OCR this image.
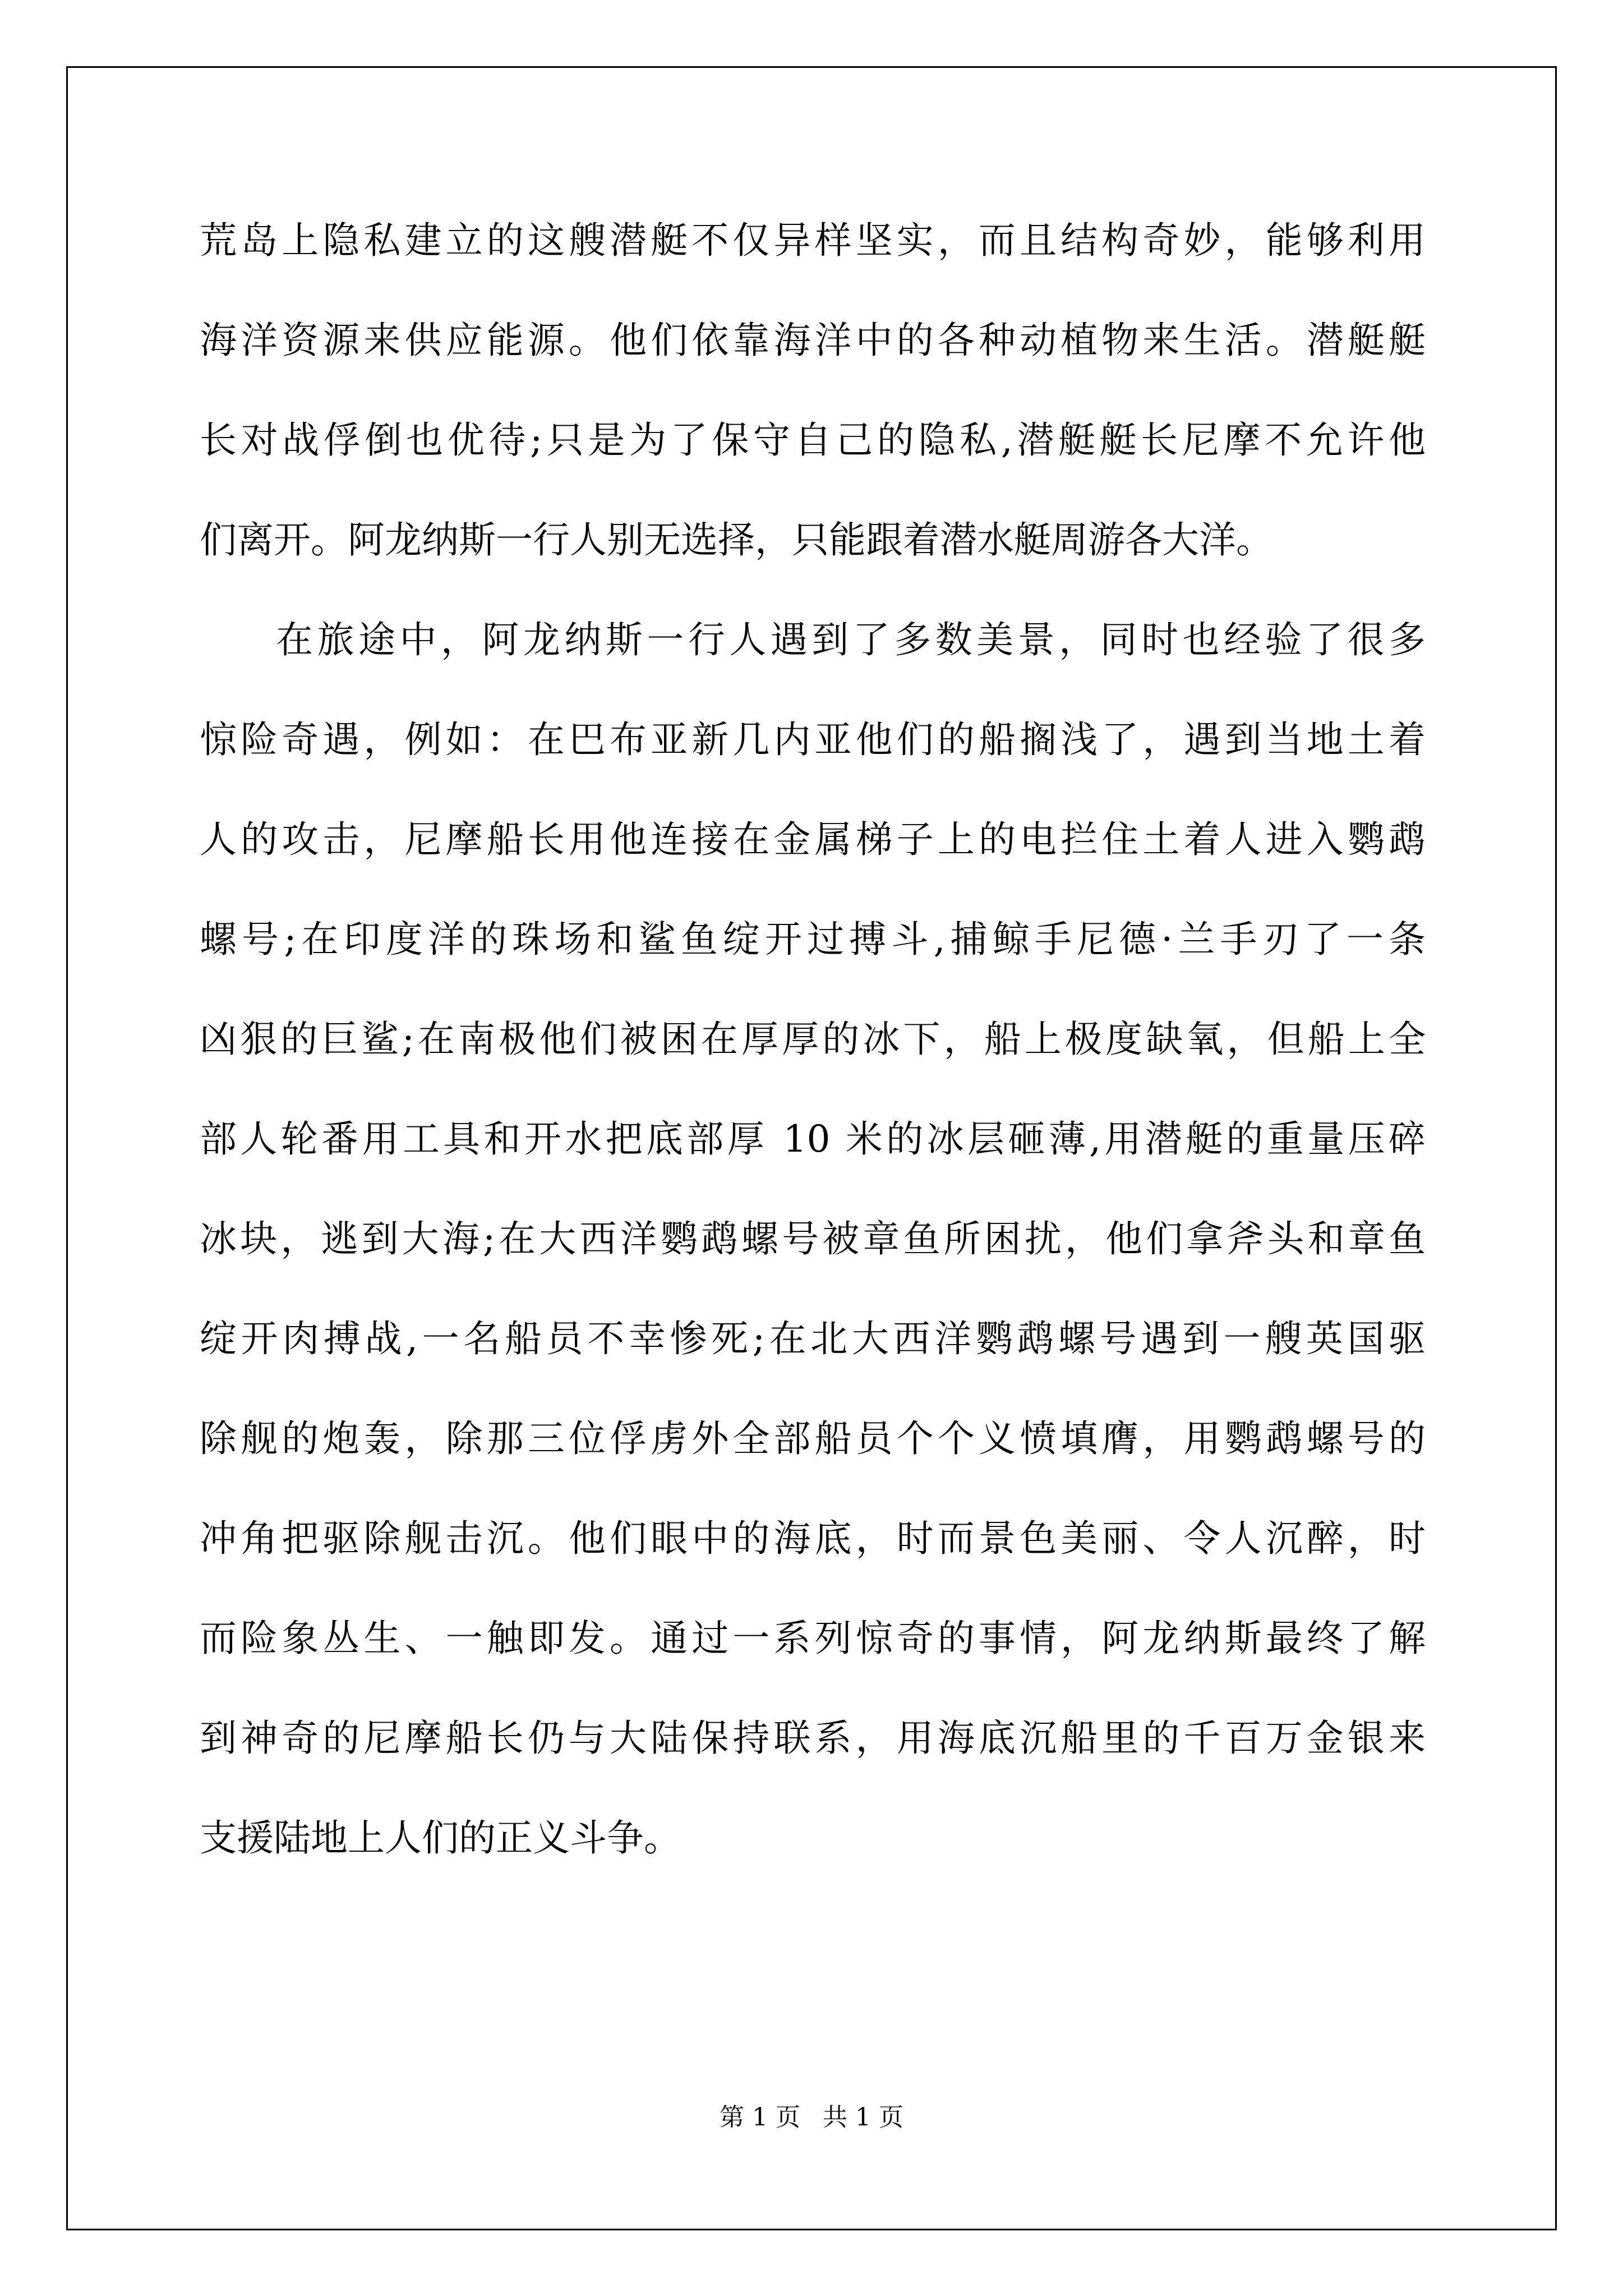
荒岛上隐私建立的这艘潜艇不仅异样坚实，而且结构奇妙，能够利用
海洋资源来供应能源。他们依靠海洋中的各种动植物来生活。潜艇艇
长对战俘倒也优待;只是为了保守自己的隐私,潜艇艇长尼摩不允许他
们离开。阿龙纳斯一行人别无选择，只能跟着潜水艇周游各大洋。
在旅途中，阿龙纳斯一行人遇到了多数美景，同时也经验了很多
惊险奇遇，例如：在巴布亚新几内亚他们的船搁浅了，遇到当地土着
人的攻击，尼摩船长用他连接在金属梯子上的电拦住土着人进入鹦鹉
螺号;在印度洋的珠场和鲨鱼绽开过搏斗,捕鲸手尼德·兰手刃了一条
凶狠的巨鲨;在南极他们被困在厚厚的冰下，船上极度缺氧，但船上全
部人轮番用工具和开水把底部厚 10 米的冰层砸薄,用潜艇的重量压碎
冰块，逃到大海;在大西洋鹦鹉螺号被章鱼所困扰，他们拿斧头和章鱼
绽开肉搏战,一名船员不幸惨死;在北大西洋鹦鹉螺号遇到一艘英国驱
除舰的炮轰，除那三位俘虏外全部船员个个义愤填膺，用鹦鹉螺号的
冲角把驱除舰击沉。他们眼中的海底，时而景色美丽、令人沉醉，时
而险象丛生、一触即发。通过一系列惊奇的事情，阿龙纳斯最终了解
到神奇的尼摩船长仍与大陆保持联系，用海底沉船里的千百万金银来
支援陆地上人们的正义斗争。
第 1 页 共 1 页
